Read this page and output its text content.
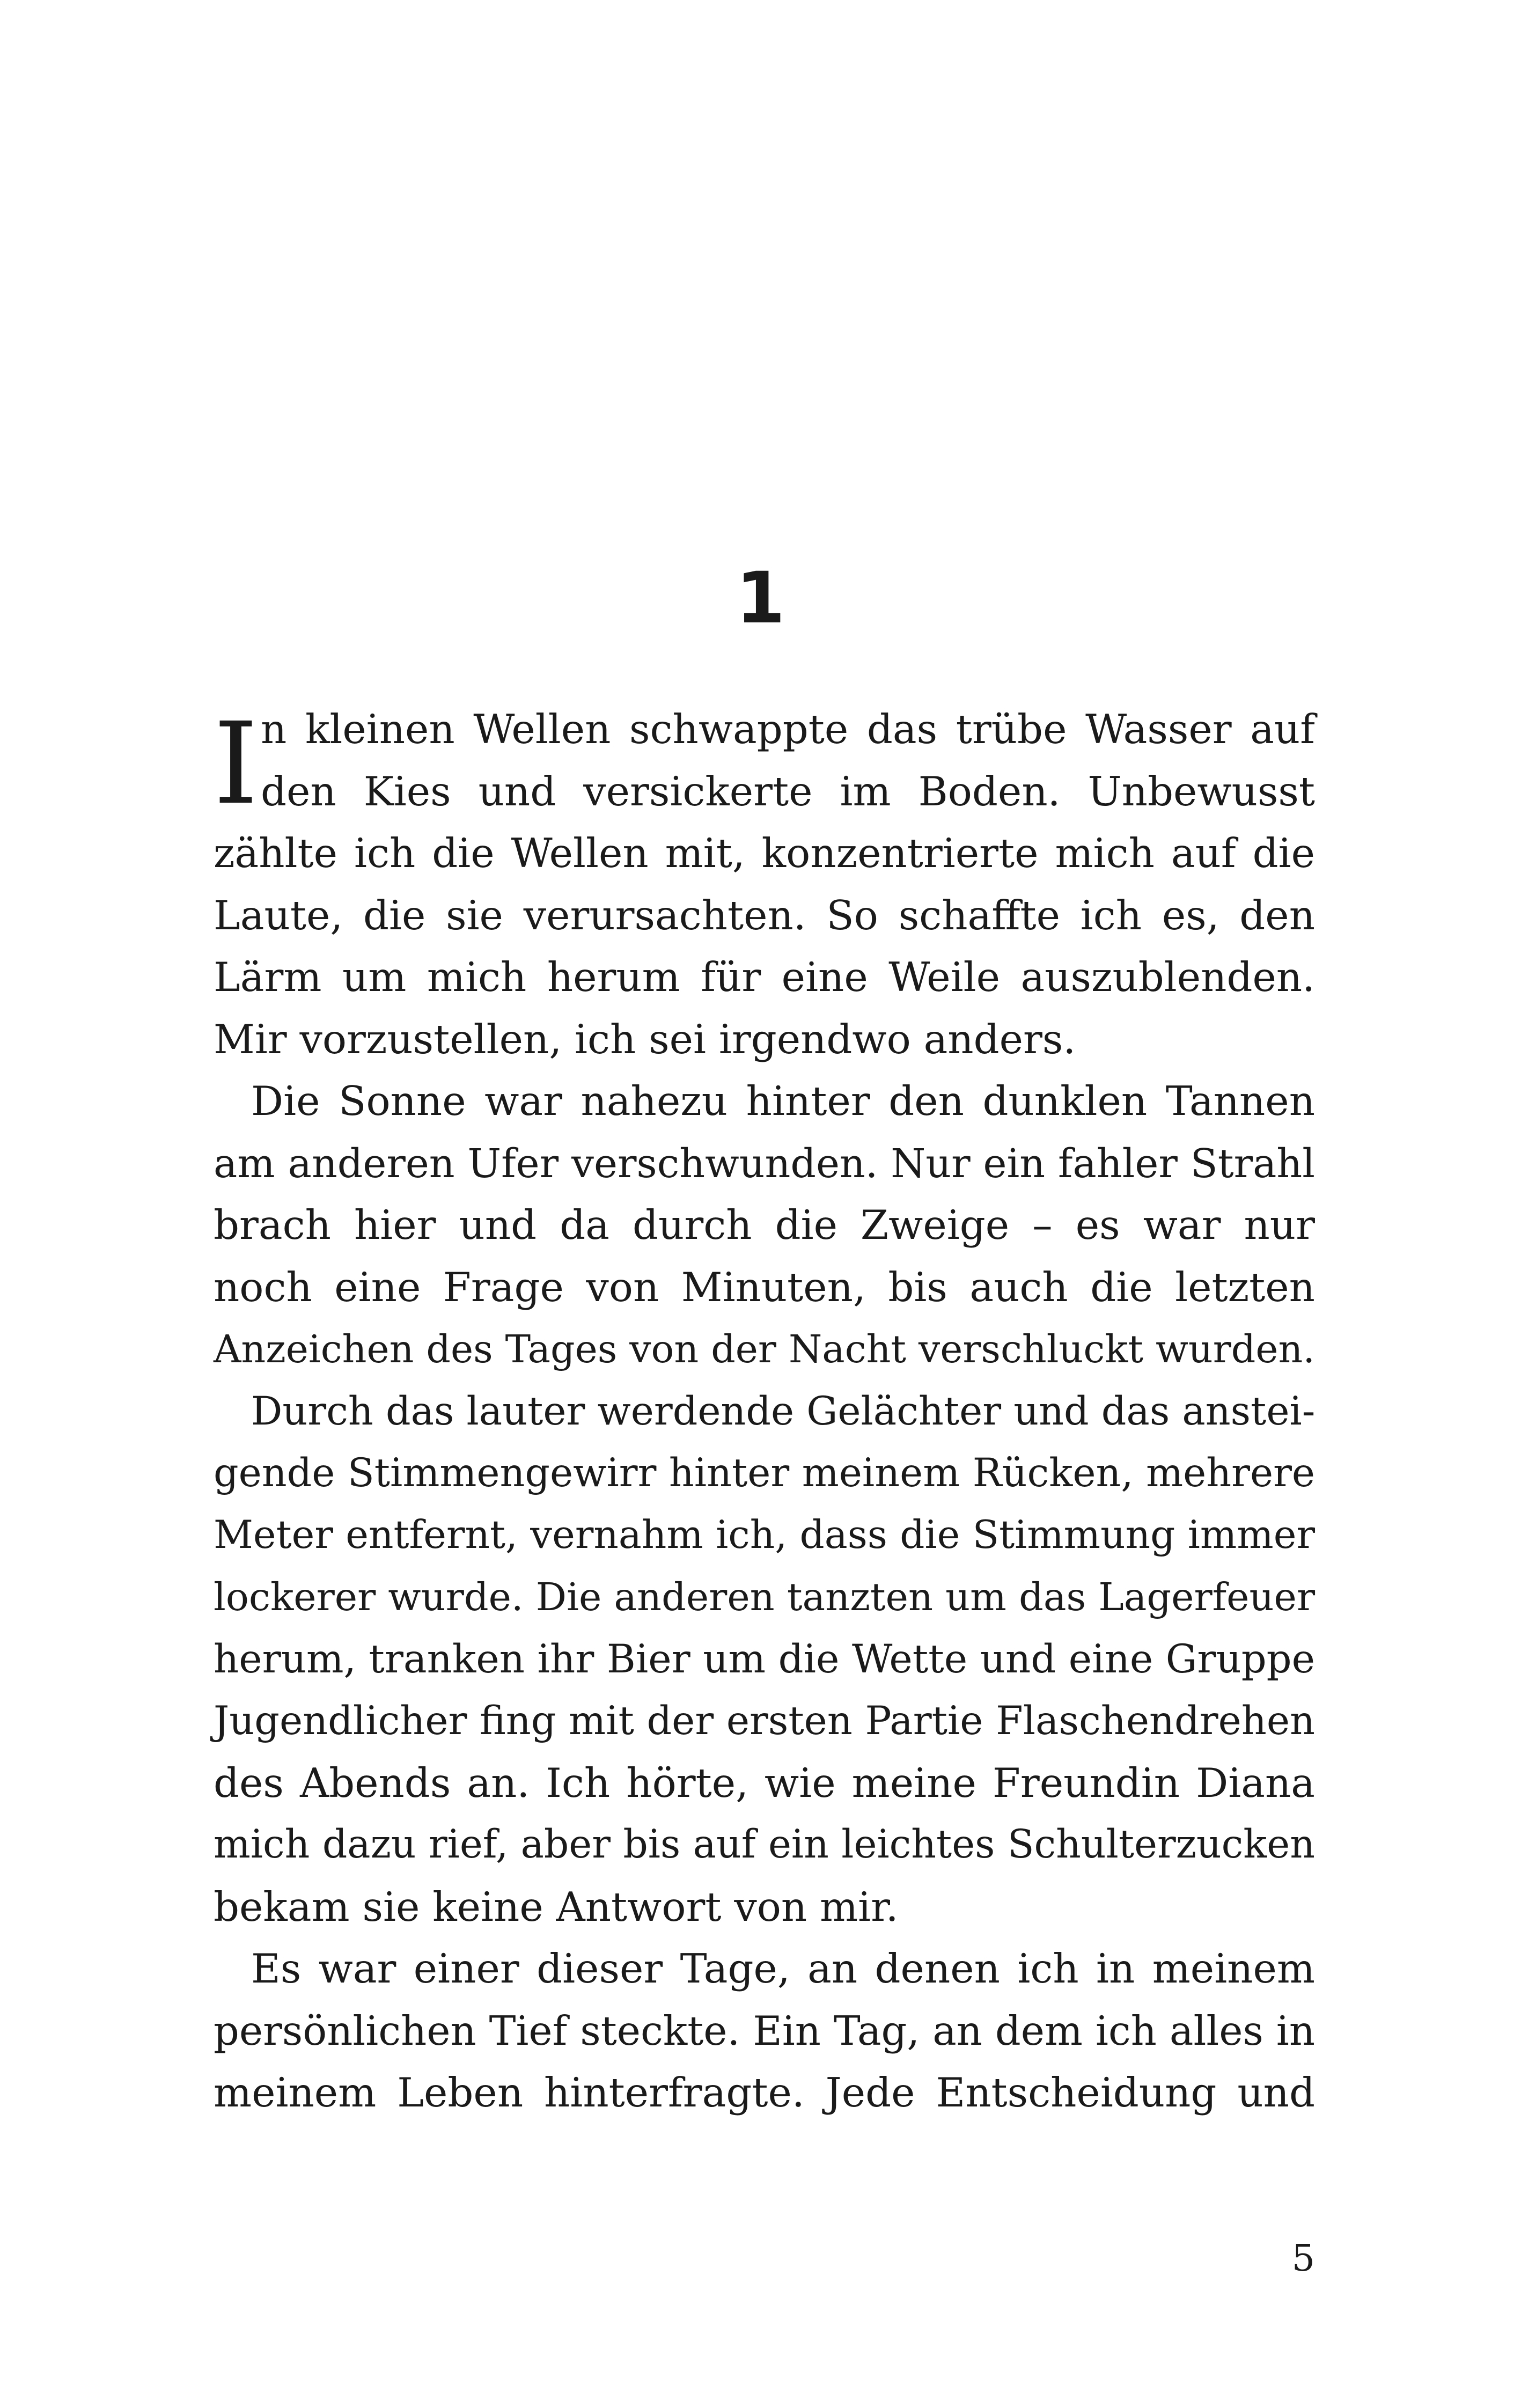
1
I n kleinen Wellen schwappte das trübe Wasser auf
den Kies und versickerte im Boden. Unbewusst
zählte ich die Wellen mit, konzentrierte mich auf die
Laute, die sie verursachten. So schaffte ich es, den
Lärm um mich herum für eine Weile auszublenden.
Mir vorzustellen, ich sei irgendwo anders.
Die Sonne war nahezu hinter den dunklen Tannen
am anderen Ufer verschwunden. Nur ein fahler Strahl
brach hier und da durch die Zweige – es war nur
noch eine Frage von Minuten, bis auch die letzten
Anzeichen des Tages von der Nacht verschluckt wurden.
Durch das lauter werdende Gelächter und das anstei-
gende Stimmengewirr hinter meinem Rücken, mehrere
Meter entfernt, vernahm ich, dass die Stimmung immer
lockerer wurde. Die anderen tanzten um das Lagerfeuer
herum, tranken ihr Bier um die Wette und eine Gruppe
Jugendlicher fing mit der ersten Partie Flaschendrehen
des Abends an. Ich hörte, wie meine Freundin Diana
mich dazu rief, aber bis auf ein leichtes Schulterzucken
bekam sie keine Antwort von mir.
Es war einer dieser Tage, an denen ich in meinem
persönlichen Tief steckte. Ein Tag, an dem ich alles in
meinem Leben hinterfragte. Jede Entscheidung und
5
